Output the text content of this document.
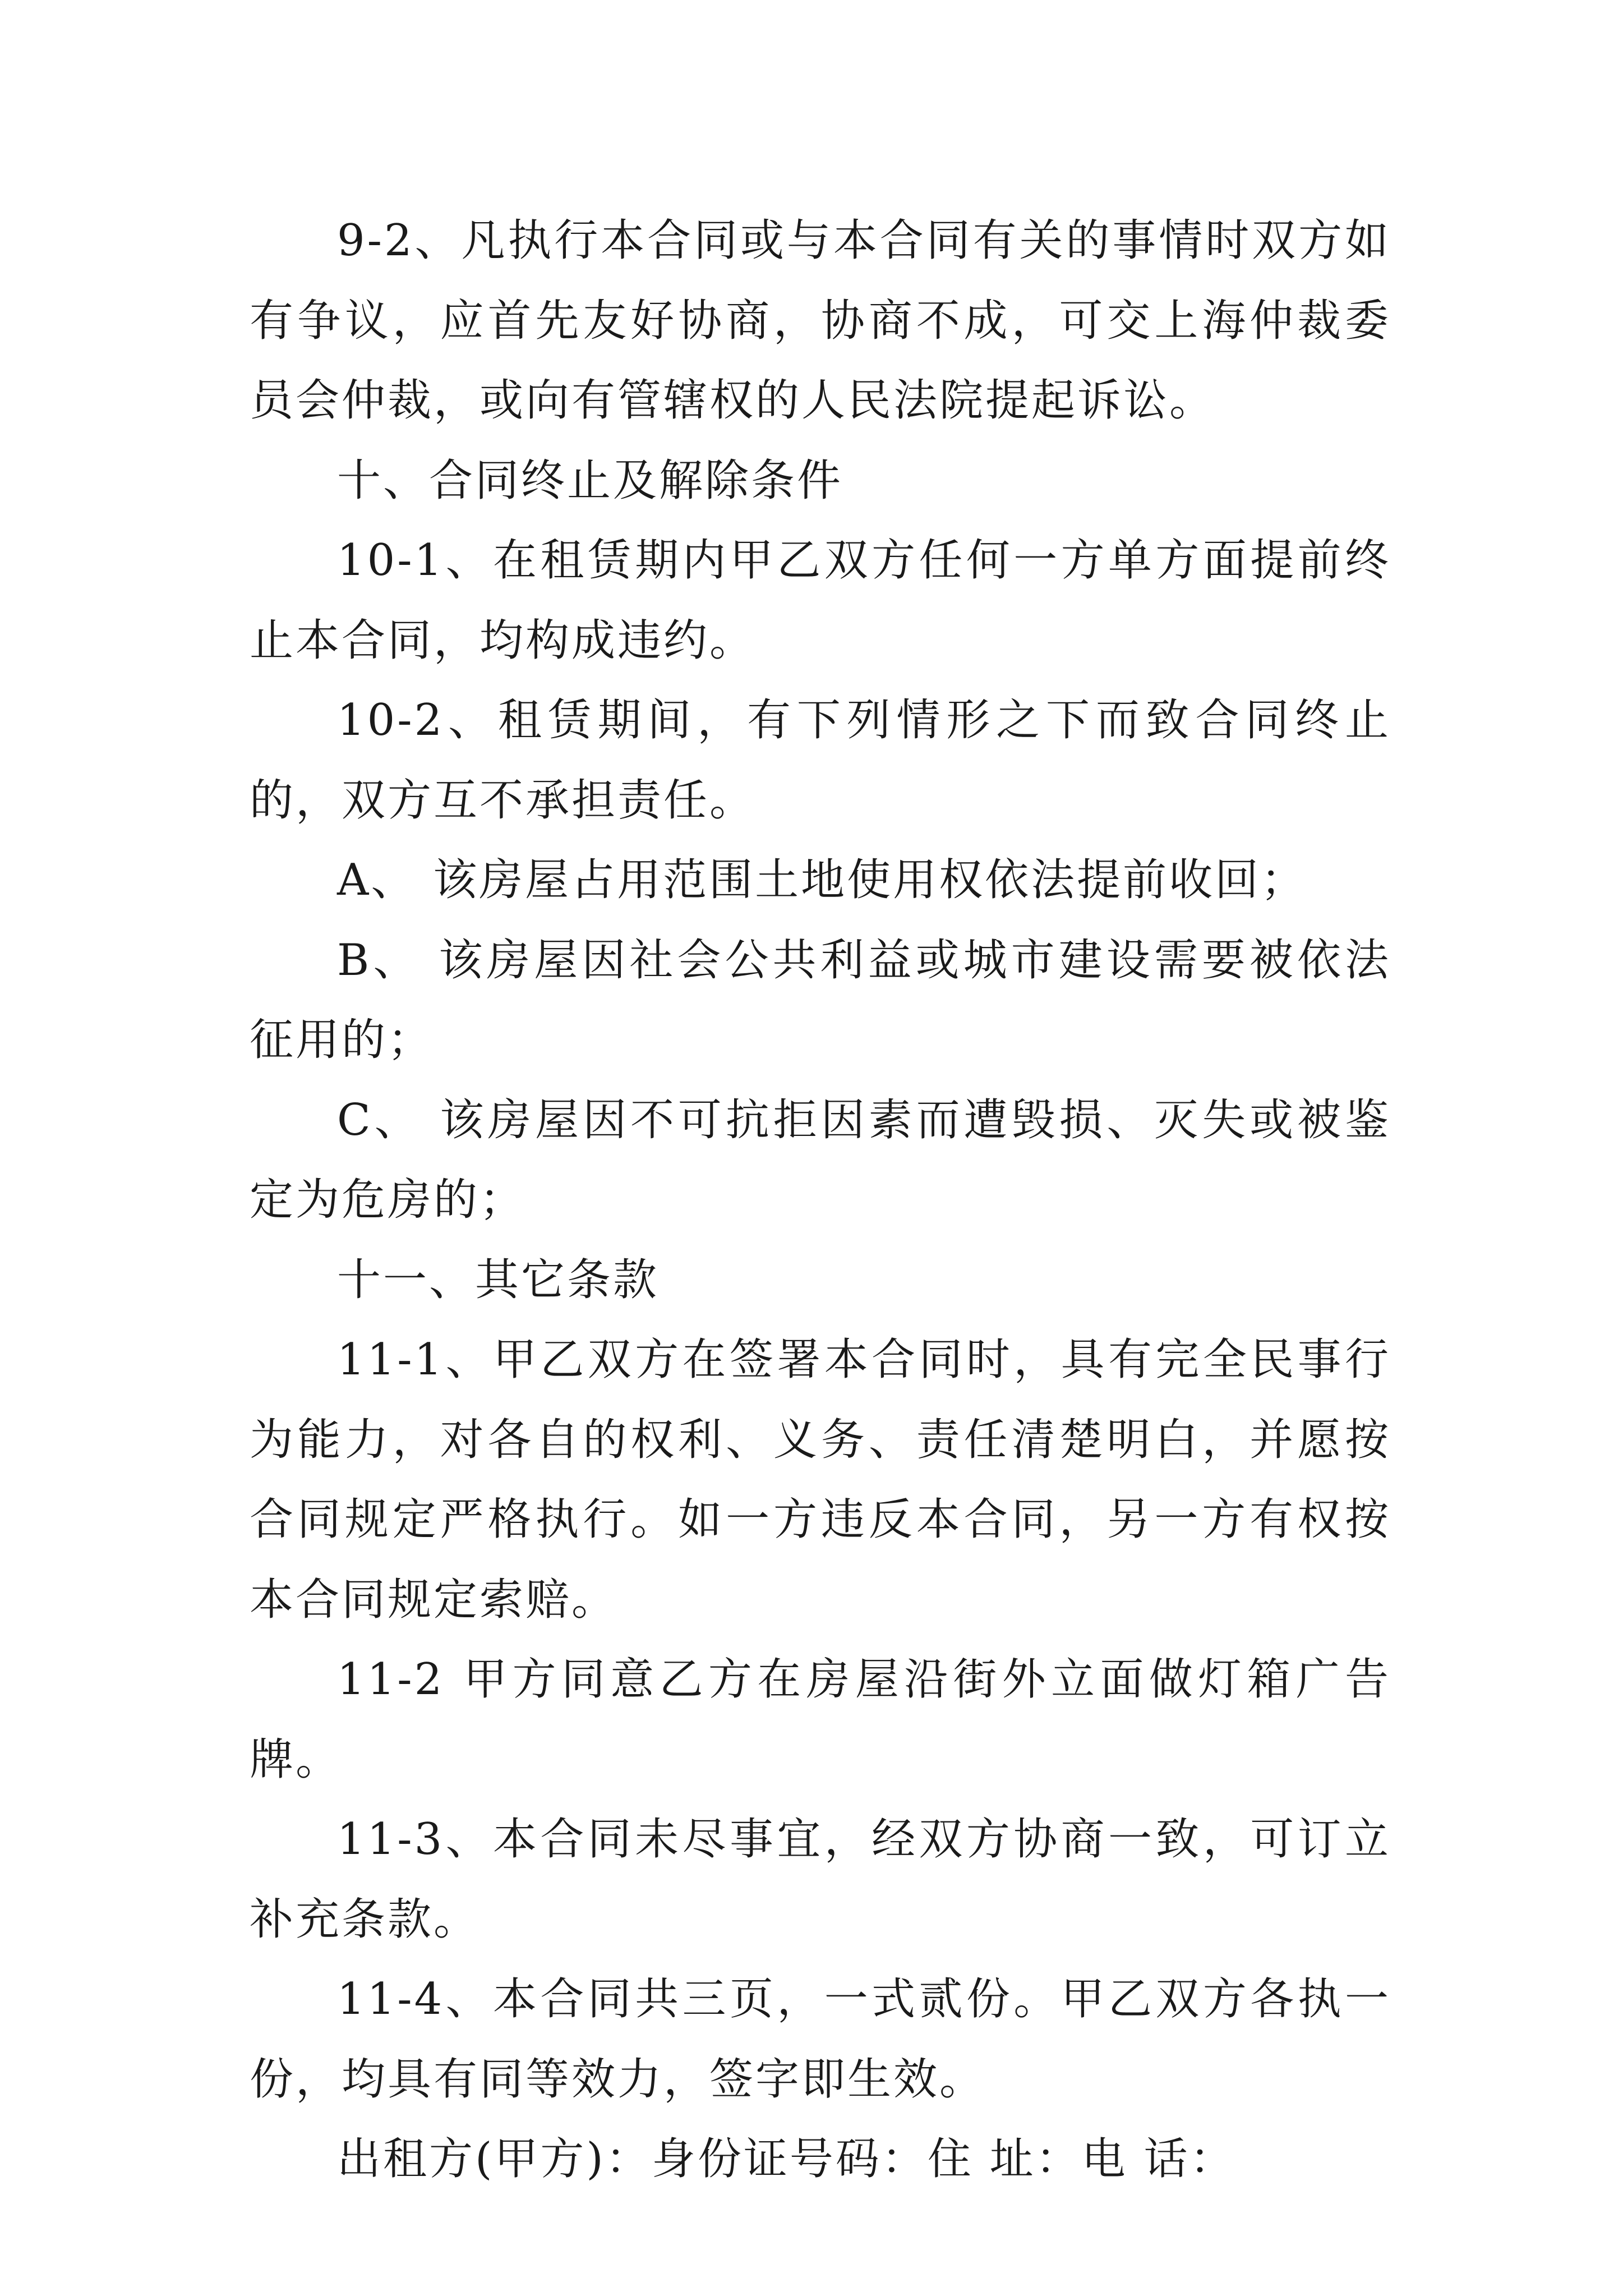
9-2、凡执行本合同或与本合同有关的事情时双方如有争议，应首先友好协商，协商不成，可交上海仲裁委员会仲裁，或向有管辖权的人民法院提起诉讼。

十、合同终止及解除条件

10-1、在租赁期内甲乙双方任何一方单方面提前终止本合同，均构成违约。

10-2、租赁期间，有下列情形之下而致合同终止的，双方互不承担责任。

A、 该房屋占用范围土地使用权依法提前收回；

B、 该房屋因社会公共利益或城市建设需要被依法征用的；

C、 该房屋因不可抗拒因素而遭毁损、灭失或被鉴定为危房的；

十一、其它条款

11-1、甲乙双方在签署本合同时，具有完全民事行为能力，对各自的权利、义务、责任清楚明白，并愿按合同规定严格执行。如一方违反本合同，另一方有权按本合同规定索赔。

11-2 甲方同意乙方在房屋沿街外立面做灯箱广告牌。

11-3、本合同未尽事宜，经双方协商一致，可订立补充条款。

11-4、本合同共三页，一式贰份。甲乙双方各执一份，均具有同等效力，签字即生效。

出租方(甲方)：身份证号码：住 址：电 话：
